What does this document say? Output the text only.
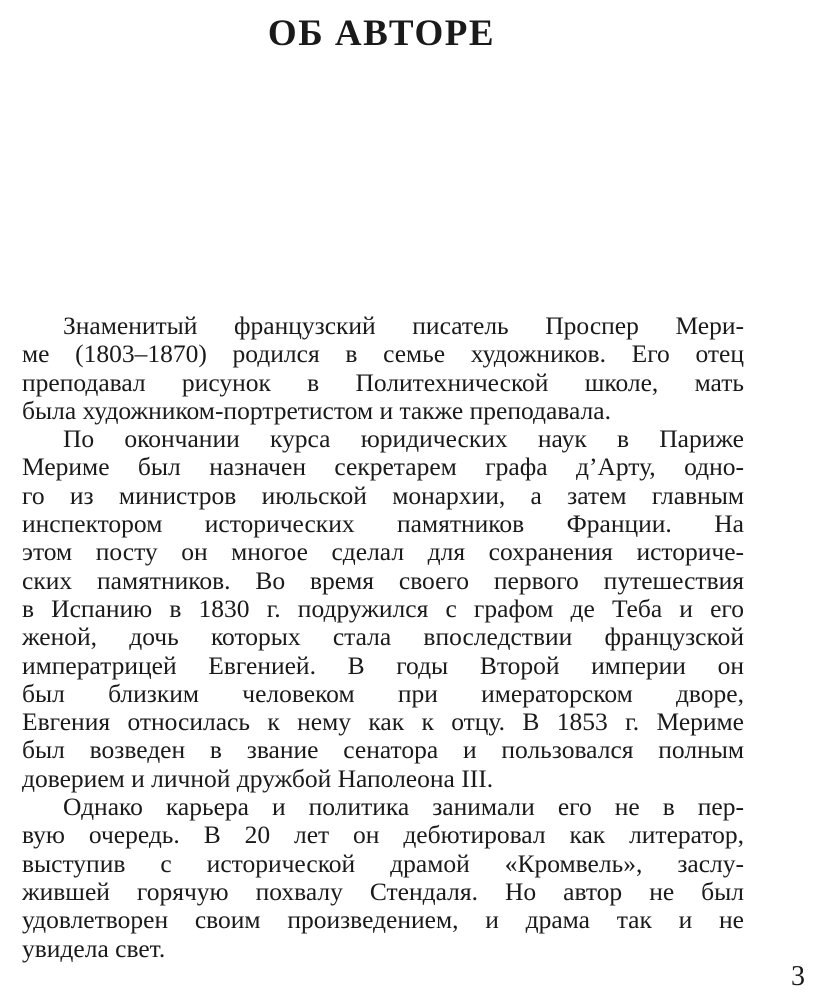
ОБ АВТОРЕ
Знаменитый французский писатель Проспер Мери-
ме (1803–1870) родился в семье художников. Его отец
преподавал рисунок в Политехнической школе, мать
была художником-портретистом и также преподавала.
По окончании курса юридических наук в Париже
Мериме был назначен секретарем графа д’Арту, одно-
го из министров июльской монархии, а затем главным
инспектором исторических памятников Франции. На
этом посту он многое сделал для сохранения историче-
ских памятников. Во время своего первого путешествия
в Испанию в 1830 г. подружился с графом де Теба и его
женой, дочь которых стала впоследствии французской
императрицей Евгенией. В годы Второй империи он
был близким человеком при имераторском дворе,
Евгения относилась к нему как к отцу. В 1853 г. Мериме
был возведен в звание сенатора и пользовался полным
доверием и личной дружбой Наполеона III.
Однако карьера и политика занимали его не в пер-
вую очередь. В 20 лет он дебютировал как литератор,
выступив с исторической драмой «Кромвель», заслу-
жившей горячую похвалу Стендаля. Но автор не был
удовлетворен своим произведением, и драма так и не
увидела свет.
3
